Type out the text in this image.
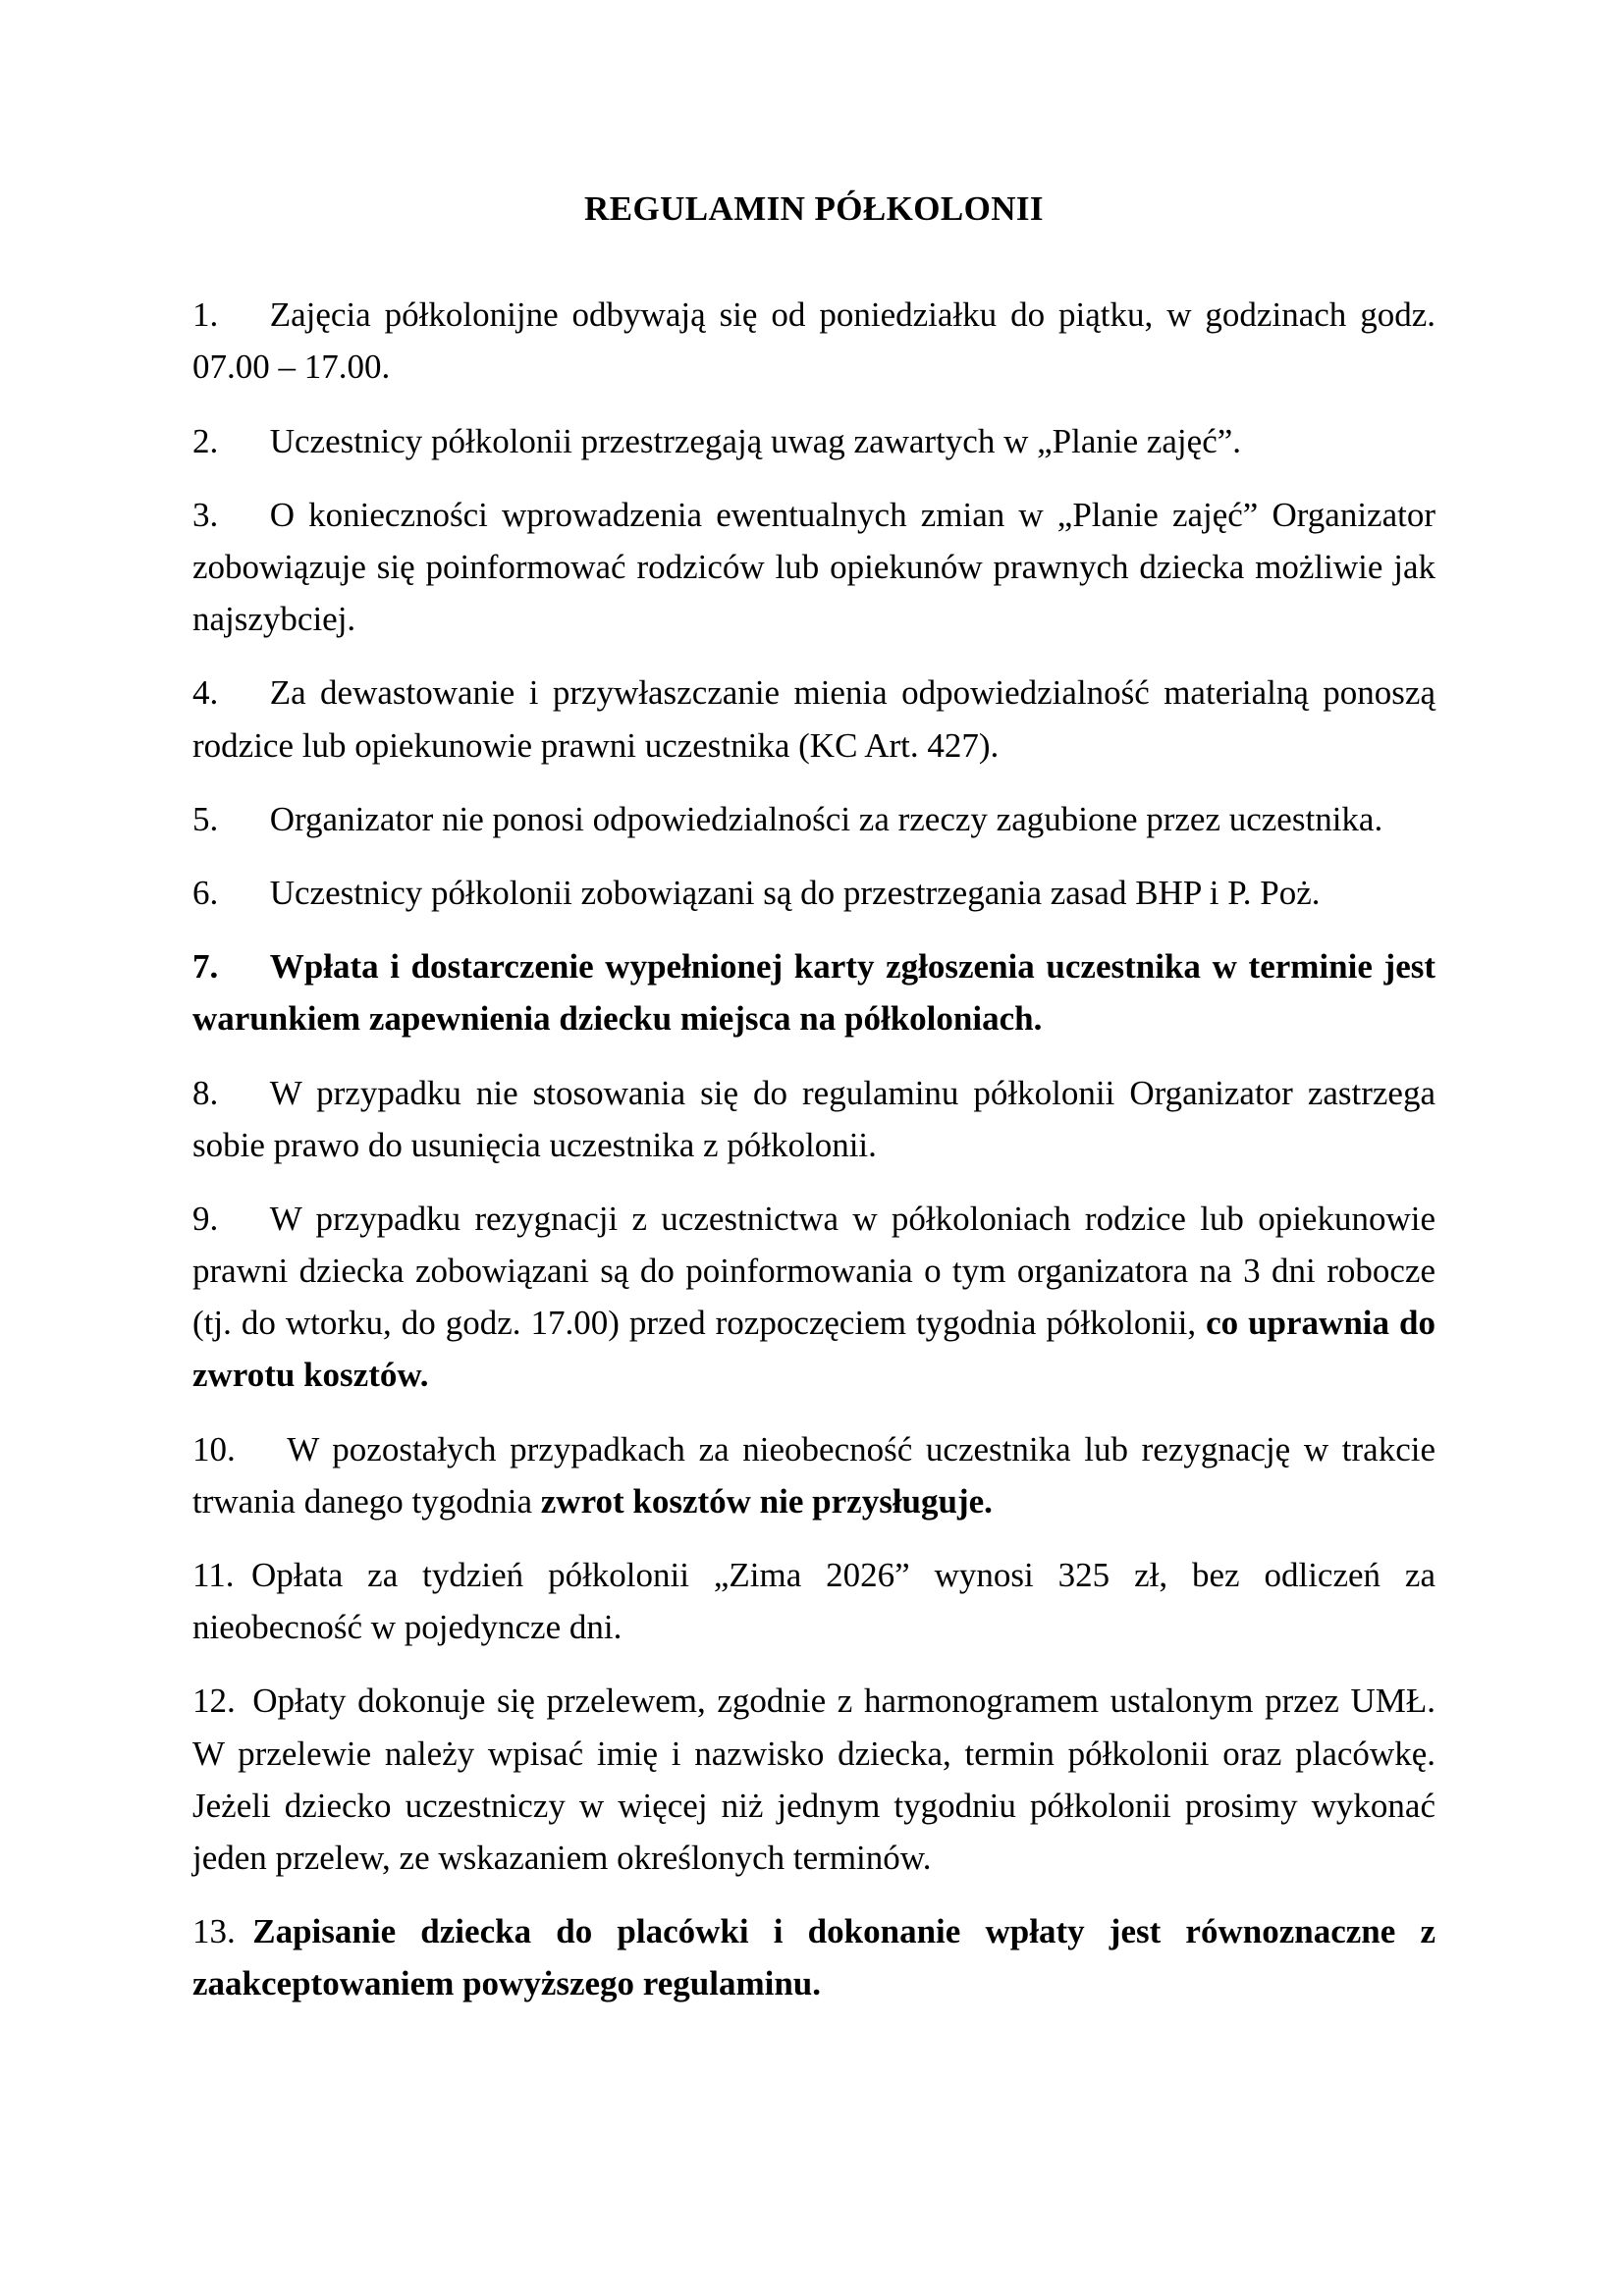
REGULAMIN PÓŁKOLONII

1.   Zajęcia półkolonijne odbywają się od poniedziałku do piątku, w godzinach godz. 07.00 – 17.00.

2.   Uczestnicy półkolonii przestrzegają uwag zawartych w „Planie zajęć”.

3.   O konieczności wprowadzenia ewentualnych zmian w „Planie zajęć” Organizator zobowiązuje się poinformować rodziców lub opiekunów prawnych dziecka możliwie jak najszybciej.

4.   Za dewastowanie i przywłaszczanie mienia odpowiedzialność materialną ponoszą rodzice lub opiekunowie prawni uczestnika (KC Art. 427).

5.   Organizator nie ponosi odpowiedzialności za rzeczy zagubione przez uczestnika.

6.   Uczestnicy półkolonii zobowiązani są do przestrzegania zasad BHP i P. Poż.

7.   Wpłata i dostarczenie wypełnionej karty zgłoszenia uczestnika w terminie jest warunkiem zapewnienia dziecku miejsca na półkoloniach.

8.   W przypadku nie stosowania się do regulaminu półkolonii Organizator zastrzega sobie prawo do usunięcia uczestnika z półkolonii.

9.   W przypadku rezygnacji z uczestnictwa w półkoloniach rodzice lub opiekunowie prawni dziecka zobowiązani są do poinformowania o tym organizatora na 3 dni robocze (tj. do wtorku, do godz. 17.00) przed rozpoczęciem tygodnia półkolonii, co uprawnia do zwrotu kosztów.

10.   W pozostałych przypadkach za nieobecność uczestnika lub rezygnację w trakcie trwania danego tygodnia zwrot kosztów nie przysługuje.

11.  Opłata za tydzień półkolonii „Zima 2026” wynosi 325 zł, bez odliczeń za nieobecność w pojedyncze dni.

12.  Opłaty dokonuje się przelewem, zgodnie z harmonogramem ustalonym przez UMŁ. W przelewie należy wpisać imię i nazwisko dziecka, termin półkolonii oraz placówkę. Jeżeli dziecko uczestniczy w więcej niż jednym tygodniu półkolonii prosimy wykonać jeden przelew, ze wskazaniem określonych terminów.

13.  Zapisanie dziecka do placówki i dokonanie wpłaty jest równoznaczne z zaakceptowaniem powyższego regulaminu.
